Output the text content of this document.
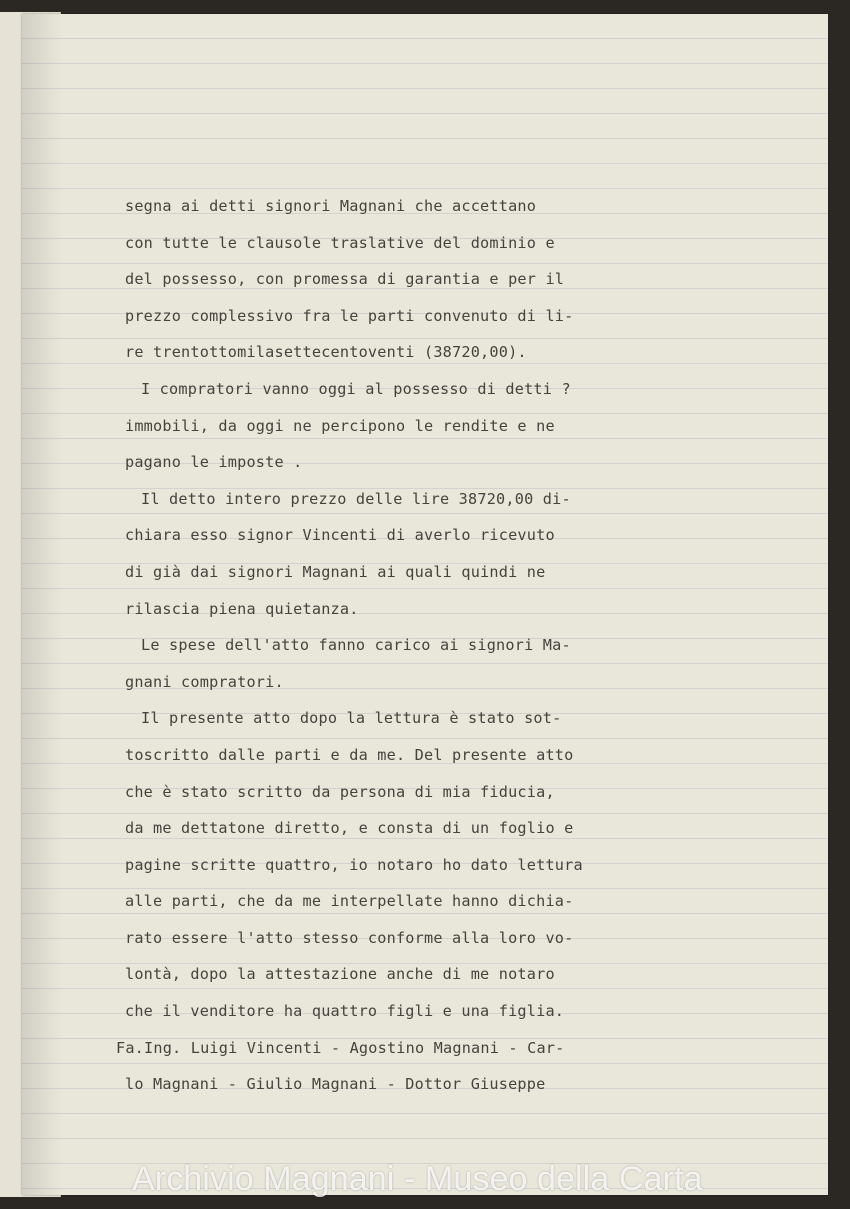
segna ai detti signori Magnani che accettano
con tutte le clausole traslative del dominio e
del possesso, con promessa di garantia e per il
prezzo complessivo fra le parti convenuto di li-
re trentottomilasettecentoventi (38720,00).
I compratori vanno oggi al possesso di detti ?
immobili, da oggi ne percipono le rendite e ne
pagano le imposte .
Il detto intero prezzo delle lire 38720,00 di-
chiara esso signor Vincenti di averlo ricevuto
di già dai signori Magnani ai quali quindi ne
rilascia piena quietanza.
Le spese dell'atto fanno carico ai signori Ma-
gnani compratori.
Il presente atto dopo la lettura è stato sot-
toscritto dalle parti e da me. Del presente atto
che è stato scritto da persona di mia fiducia,
da me dettatone diretto, e consta di un foglio e
pagine scritte quattro, io notaro ho dato lettura
alle parti, che da me interpellate hanno dichia-
rato essere l'atto stesso conforme alla loro vo-
lontà, dopo la attestazione anche di me notaro
che il venditore ha quattro figli e una figlia.
Fa.Ing. Luigi Vincenti - Agostino Magnani - Car-
lo Magnani - Giulio Magnani - Dottor Giuseppe
Archivio Magnani - Museo della Carta
